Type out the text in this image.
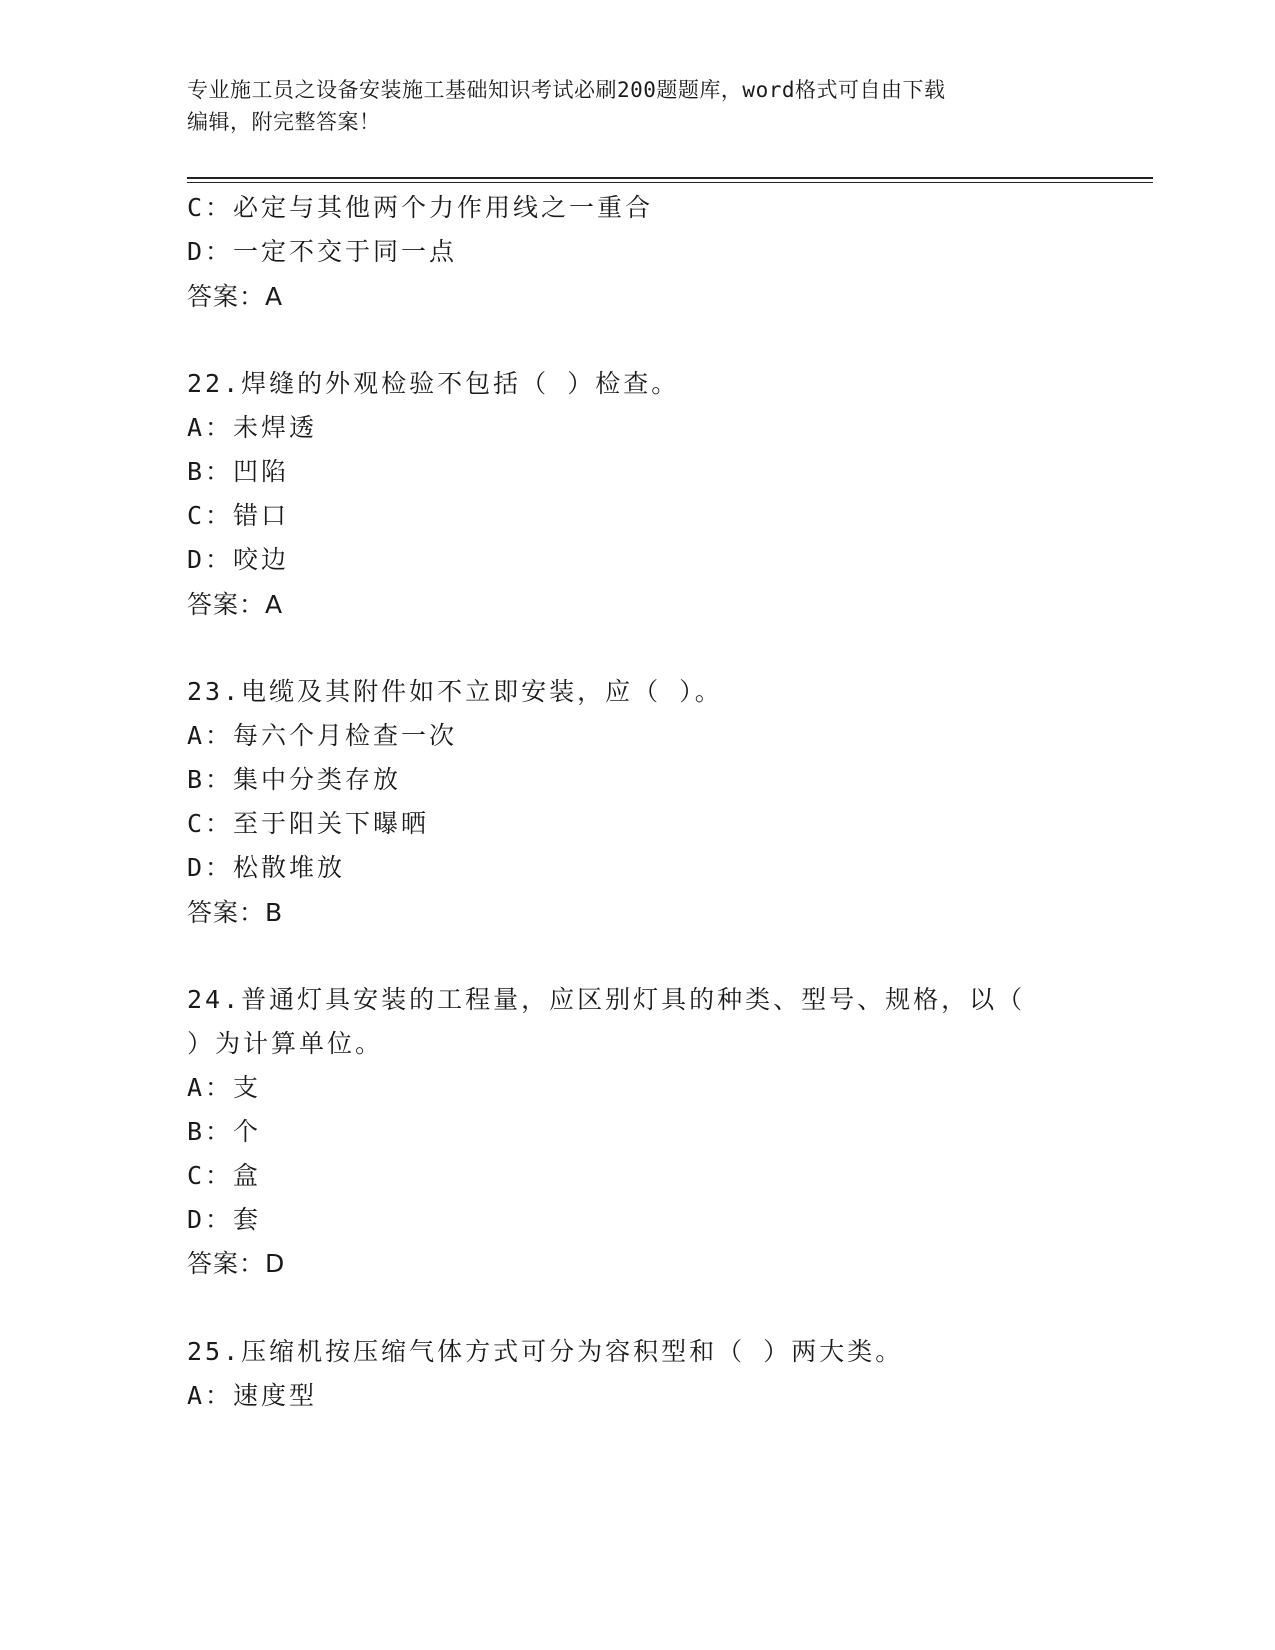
专业施工员之设备安装施工基础知识考试必刷200题题库，word格式可自由下载
编辑，附完整答案！
C：必定与其他两个力作用线之一重合
D：一定不交于同一点
答案：A
22.焊缝的外观检验不包括（ ）检查。
A：未焊透
B：凹陷
C：错口
D：咬边
答案：A
23.电缆及其附件如不立即安装，应（ ）。
A：每六个月检查一次
B：集中分类存放
C：至于阳关下曝晒
D：松散堆放
答案：B
24.普通灯具安装的工程量，应区别灯具的种类、型号、规格，以（
）为计算单位。
A：支
B：个
C：盒
D：套
答案：D
25.压缩机按压缩气体方式可分为容积型和（ ）两大类。
A：速度型
